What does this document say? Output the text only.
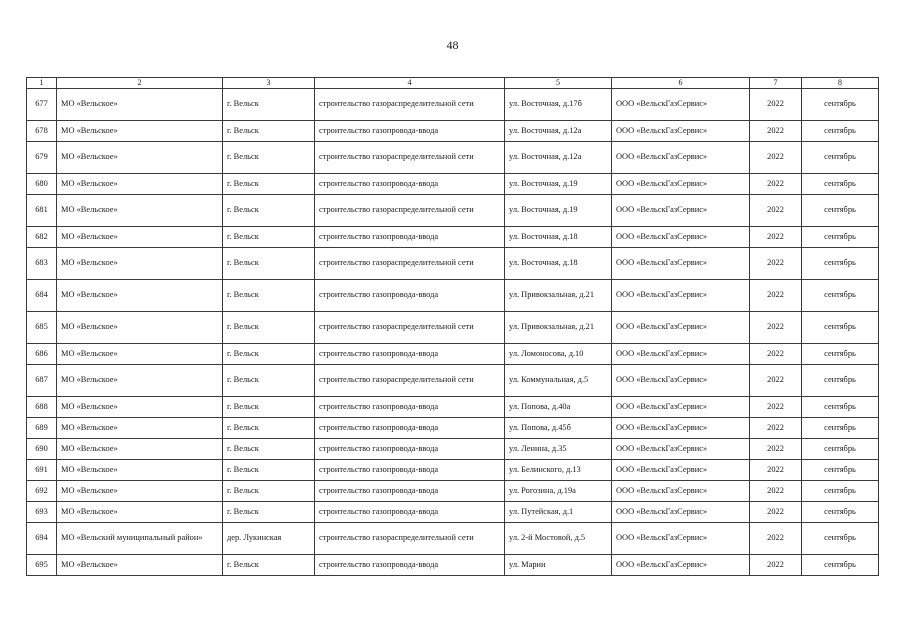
48
1	2	3	4	5	6	7	8
677	МО «Вельское»	г. Вельск	строительство газораспределительной сети	ул. Восточная, д.17б	ООО «ВельскГазСервис»	2022	сентябрь
678	МО «Вельское»	г. Вельск	строительство газопровода-ввода	ул. Восточная, д.12а	ООО «ВельскГазСервис»	2022	сентябрь
679	МО «Вельское»	г. Вельск	строительство газораспределительной сети	ул. Восточная, д.12а	ООО «ВельскГазСервис»	2022	сентябрь
680	МО «Вельское»	г. Вельск	строительство газопровода-ввода	ул. Восточная, д.19	ООО «ВельскГазСервис»	2022	сентябрь
681	МО «Вельское»	г. Вельск	строительство газораспределительной сети	ул. Восточная, д.19	ООО «ВельскГазСервис»	2022	сентябрь
682	МО «Вельское»	г. Вельск	строительство газопровода-ввода	ул. Восточная, д.18	ООО «ВельскГазСервис»	2022	сентябрь
683	МО «Вельское»	г. Вельск	строительство газораспределительной сети	ул. Восточная, д.18	ООО «ВельскГазСервис»	2022	сентябрь
684	МО «Вельское»	г. Вельск	строительство газопровода-ввода	ул. Привокзальная, д.21	ООО «ВельскГазСервис»	2022	сентябрь
685	МО «Вельское»	г. Вельск	строительство газораспределительной сети	ул. Привокзальная, д.21	ООО «ВельскГазСервис»	2022	сентябрь
686	МО «Вельское»	г. Вельск	строительство газопровода-ввода	ул. Ломоносова, д.10	ООО «ВельскГазСервис»	2022	сентябрь
687	МО «Вельское»	г. Вельск	строительство газораспределительной сети	ул. Коммунальная, д.5	ООО «ВельскГазСервис»	2022	сентябрь
688	МО «Вельское»	г. Вельск	строительство газопровода-ввода	ул. Попова, д.40а	ООО «ВельскГазСервис»	2022	сентябрь
689	МО «Вельское»	г. Вельск	строительство газопровода-ввода	ул. Попова, д.45б	ООО «ВельскГазСервис»	2022	сентябрь
690	МО «Вельское»	г. Вельск	строительство газопровода-ввода	ул. Ленина, д.35	ООО «ВельскГазСервис»	2022	сентябрь
691	МО «Вельское»	г. Вельск	строительство газопровода-ввода	ул. Белинского, д.13	ООО «ВельскГазСервис»	2022	сентябрь
692	МО «Вельское»	г. Вельск	строительство газопровода-ввода	ул. Рогозина, д.19а	ООО «ВельскГазСервис»	2022	сентябрь
693	МО «Вельское»	г. Вельск	строительство газопровода-ввода	ул. Путейская, д.1	ООО «ВельскГазСервис»	2022	сентябрь
694	МО «Вельский муниципальный район»	дер. Лукинская	строительство газораспределительной сети	ул. 2-й Мостовой, д.5	ООО «ВельскГазСервис»	2022	сентябрь
695	МО «Вельское»	г. Вельск	строительство газопровода-ввода	ул. Марии	ООО «ВельскГазСервис»	2022	сентябрь
